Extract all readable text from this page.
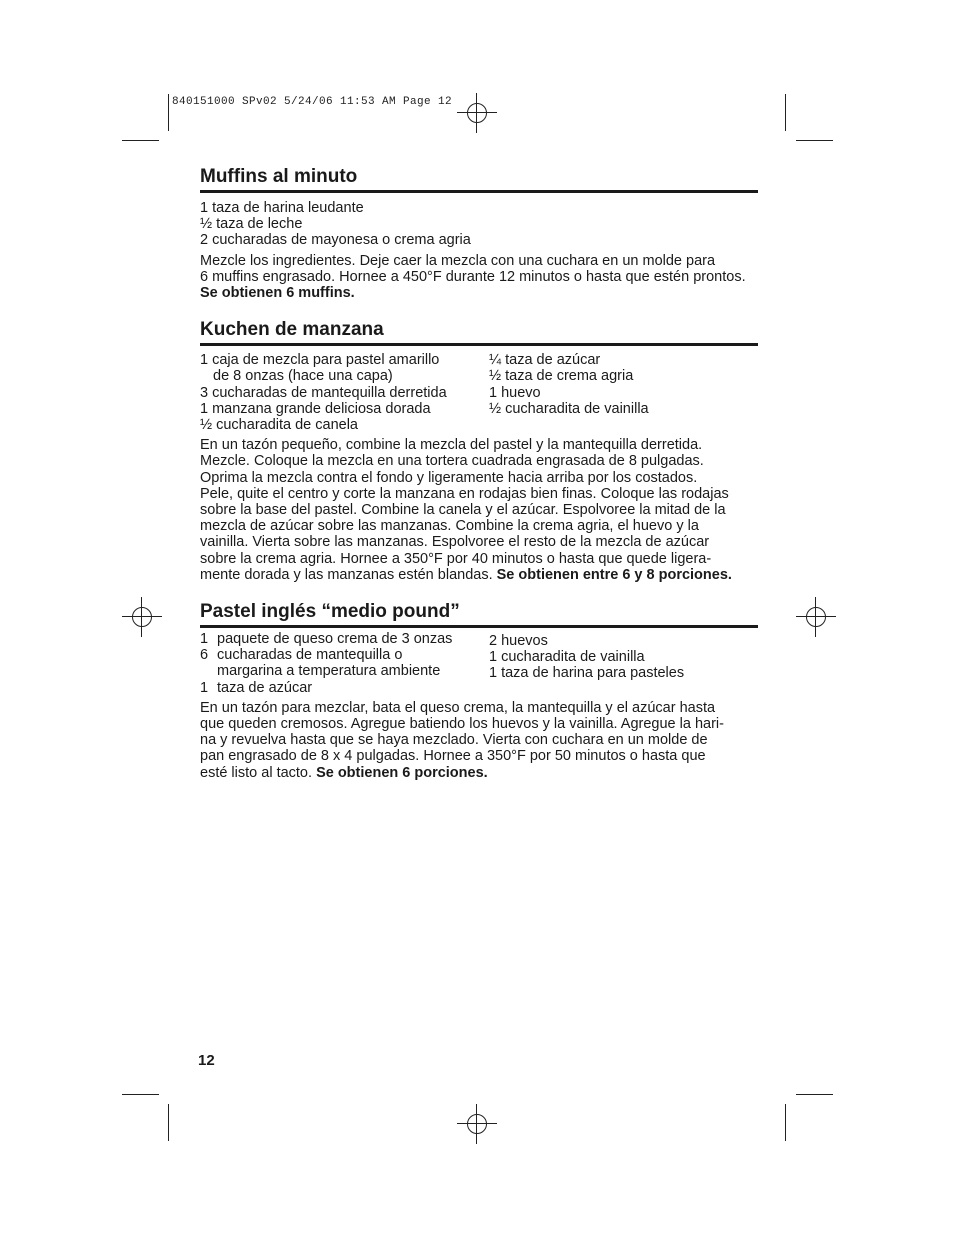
840151000 SPv02 5/24/06 11:53 AM Page 12
Muffins al minuto

1 taza de harina leudante

½ taza de leche

2 cucharadas de mayonesa o crema agria

Mezcle los ingredientes. Deje caer la mezcla con una cuchara en un molde para

6 muffins engrasado. Hornee a 450°F durante 12 minutos o hasta que estén prontos.

Se obtienen 6 muffins.

Kuchen de manzana

1 caja de mezcla para pastel amarillo

de 8 onzas (hace una capa)

3 cucharadas de mantequilla derretida

1 manzana grande deliciosa dorada

½ cucharadita de canela

¼ taza de azúcar

½ taza de crema agria

1 huevo

½ cucharadita de vainilla

En un tazón pequeño, combine la mezcla del pastel y la mantequilla derretida.

Mezcle. Coloque la mezcla en una tortera cuadrada engrasada de 8 pulgadas.

Oprima la mezcla contra el fondo y ligeramente hacia arriba por los costados.

Pele, quite el centro y corte la manzana en rodajas bien finas. Coloque las rodajas

sobre la base del pastel. Combine la canela y el azúcar. Espolvoree la mitad de la

mezcla de azúcar sobre las manzanas. Combine la crema agria, el huevo y la

vainilla. Vierta sobre las manzanas. Espolvoree el resto de la mezcla de azúcar

sobre la crema agria. Hornee a 350°F por 40 minutos o hasta que quede ligera-

mente dorada y las manzanas estén blandas. Se obtienen entre 6 y 8 porciones.

Pastel inglés “medio pound”

1 paquete de queso crema de 3 onzas

6 cucharadas de mantequilla o

margarina a temperatura ambiente

1 taza de azúcar

2 huevos

1 cucharadita de vainilla

1 taza de harina para pasteles

En un tazón para mezclar, bata el queso crema, la mantequilla y el azúcar hasta

que queden cremosos. Agregue batiendo los huevos y la vainilla. Agregue la hari-

na y revuelva hasta que se haya mezclado. Vierta con cuchara en un molde de

pan engrasado de 8 x 4 pulgadas. Hornee a 350°F por 50 minutos o hasta que

esté listo al tacto. Se obtienen 6 porciones.

12
